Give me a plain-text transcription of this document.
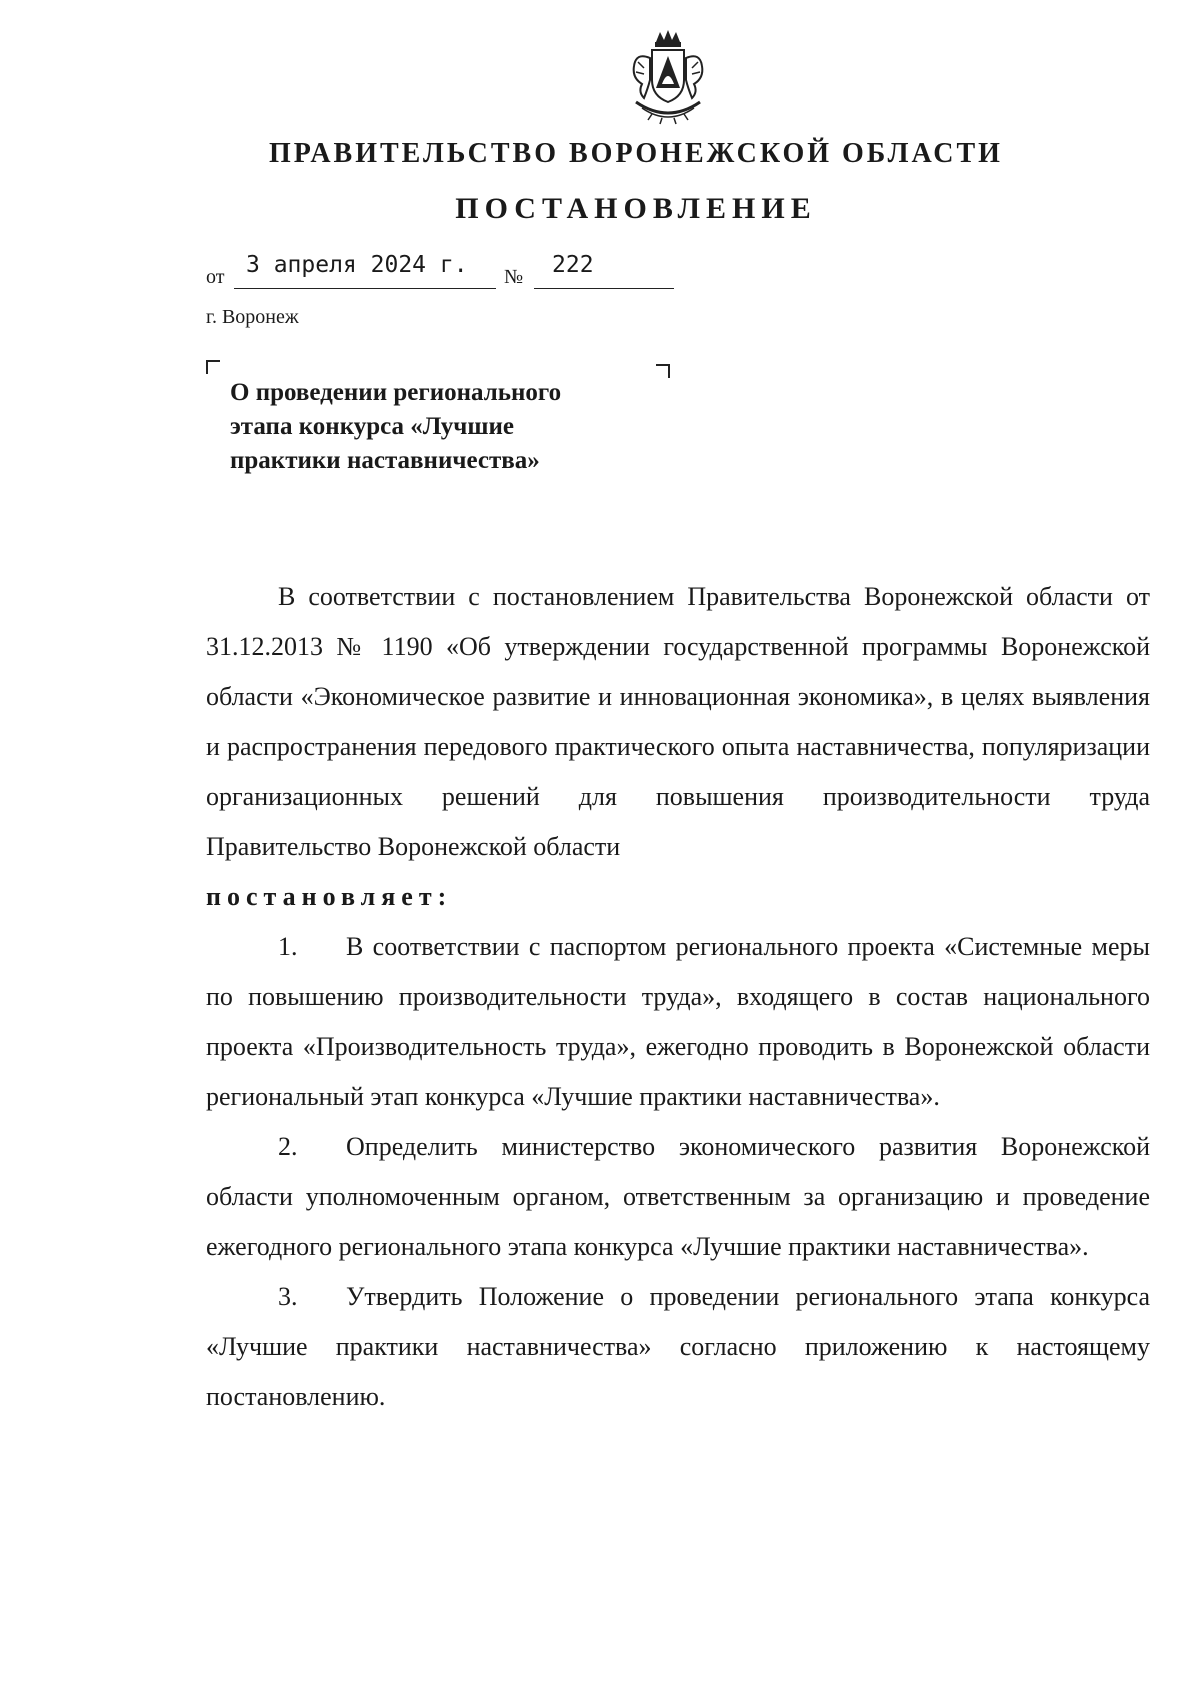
ПРАВИТЕЛЬСТВО ВОРОНЕЖСКОЙ ОБЛАСТИ
ПОСТАНОВЛЕНИЕ
от 3 апреля 2024 г. № 222
г. Воронеж
О проведении регионального
этапа конкурса «Лучшие
практики наставничества»

В соответствии с постановлением Правительства Воронежской области от 31.12.2013 № 1190 «Об утверждении государственной программы Воронежской области «Экономическое развитие и инновационная экономика», в целях выявления и распространения передового практического опыта наставничества, популяризации организационных решений для повышения производительности труда Правительство Воронежской области

постановляет:

1. В соответствии с паспортом регионального проекта «Системные меры по повышению производительности труда», входящего в состав национального проекта «Производительность труда», ежегодно проводить в Воронежской области региональный этап конкурса «Лучшие практики наставничества».

2. Определить министерство экономического развития Воронежской области уполномоченным органом, ответственным за организацию и проведение ежегодного регионального этапа конкурса «Лучшие практики наставничества».

3. Утвердить Положение о проведении регионального этапа конкурса «Лучшие практики наставничества» согласно приложению к настоящему постановлению.
